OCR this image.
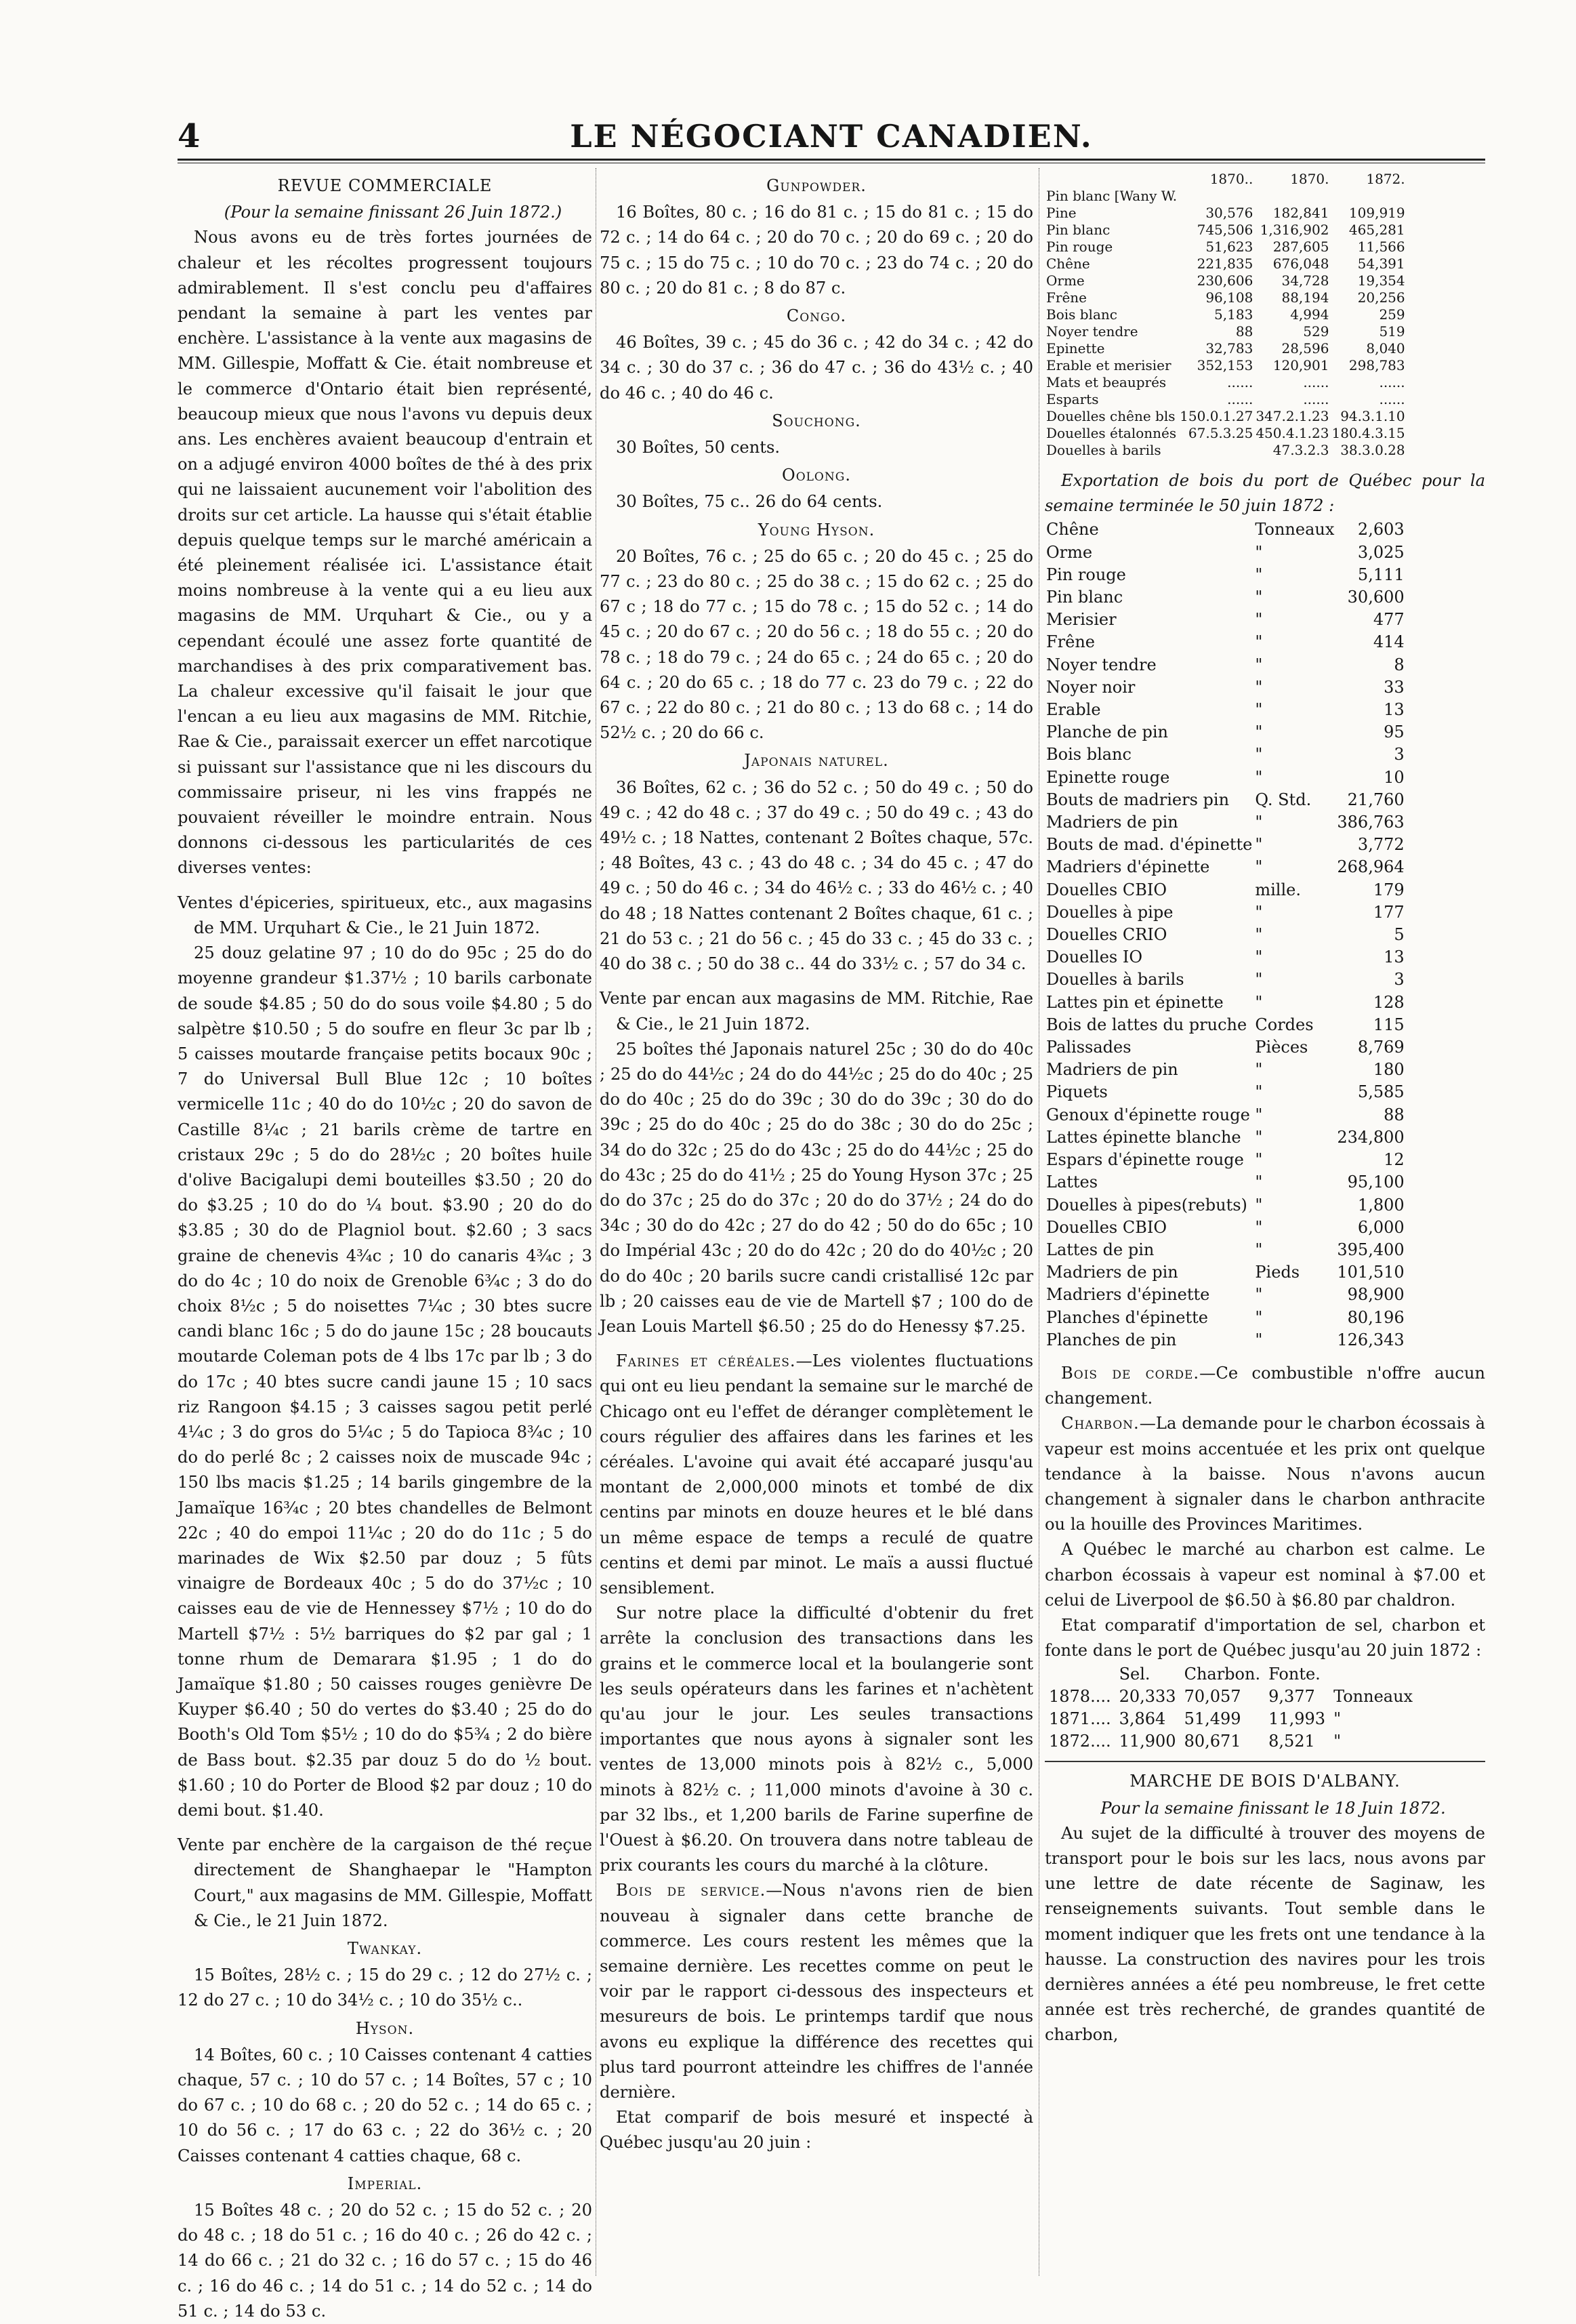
4	LE NÉGOCIANT CANADIEN.
REVUE COMMERCIALE

(Pour la semaine finissant 26 Juin 1872.)

Nous avons eu de très fortes journées de chaleur et les récoltes progressent toujours admirablement. Il s'est conclu peu d'affaires pendant la semaine à part les ventes par enchère. L'assistance à la vente aux magasins de MM. Gillespie, Moffatt & Cie. était nombreuse et le commerce d'Ontario était bien représenté, beaucoup mieux que nous l'avons vu depuis deux ans. Les enchères avaient beaucoup d'entrain et on a adjugé environ 4000 boîtes de thé à des prix qui ne laissaient aucunement voir l'abolition des droits sur cet article. La hausse qui s'était établie depuis quelque temps sur le marché américain a été pleinement réalisée ici. L'assistance était moins nombreuse à la vente qui a eu lieu aux magasins de MM. Urquhart & Cie., ou y a cependant écoulé une assez forte quantité de marchandises à des prix comparativement bas. La chaleur excessive qu'il faisait le jour que l'encan a eu lieu aux magasins de MM. Ritchie, Rae & Cie., paraissait exercer un effet narcotique si puissant sur l'assistance que ni les discours du commissaire priseur, ni les vins frappés ne pouvaient réveiller le moindre entrain. Nous donnons ci-dessous les particularités de ces diverses ventes:

Ventes d'épiceries, spiritueux, etc., aux magasins de MM. Urquhart & Cie., le 21 Juin 1872.

25 douz gelatine 97 ; 10 do do 95c ; 25 do do moyenne grandeur $1.37½ ; 10 barils carbonate de soude $4.85 ; 50 do do sous voile $4.80 ; 5 do salpètre $10.50 ; 5 do soufre en fleur 3c par lb ; 5 caisses moutarde française petits bocaux 90c ; 7 do Universal Bull Blue 12c ; 10 boîtes vermicelle 11c ; 40 do do 10½c ; 20 do savon de Castille 8¼c ; 21 barils crème de tartre en cristaux 29c ; 5 do do 28½c ; 20 boîtes huile d'olive Bacigalupi demi bouteilles $3.50 ; 20 do do $3.25 ; 10 do do ¼ bout. $3.90 ; 20 do do $3.85 ; 30 do de Plagniol bout. $2.60 ; 3 sacs graine de chenevis 4¾c ; 10 do canaris 4¾c ; 3 do do 4c ; 10 do noix de Grenoble 6¾c ; 3 do do choix 8½c ; 5 do noisettes 7¼c ; 30 btes sucre candi blanc 16c ; 5 do do jaune 15c ; 28 boucauts moutarde Coleman pots de 4 lbs 17c par lb ; 3 do do 17c ; 40 btes sucre candi jaune 15 ; 10 sacs riz Rangoon $4.15 ; 3 caisses sagou petit perlé 4¼c ; 3 do gros do 5¼c ; 5 do Tapioca 8¾c ; 10 do do perlé 8c ; 2 caisses noix de muscade 94c ; 150 lbs macis $1.25 ; 14 barils gingembre de la Jamaïque 16¾c ; 20 btes chandelles de Belmont 22c ; 40 do empoi 11¼c ; 20 do do 11c ; 5 do marinades de Wix $2.50 par douz ; 5 fûts vinaigre de Bordeaux 40c ; 5 do do 37½c ; 10 caisses eau de vie de Hennessey $7½ ; 10 do do Martell $7½ : 5½ barriques do $2 par gal ; 1 tonne rhum de Demarara $1.95 ; 1 do do Jamaïque $1.80 ; 50 caisses rouges genièvre De Kuyper $6.40 ; 50 do vertes do $3.40 ; 25 do do Booth's Old Tom $5½ ; 10 do do $5¾ ; 2 do bière de Bass bout. $2.35 par douz 5 do do ½ bout. $1.60 ; 10 do Porter de Blood $2 par douz ; 10 do demi bout. $1.40.

Vente par enchère de la cargaison de thé reçue directement de Shanghaepar le "Hampton Court," aux magasins de MM. Gillespie, Moffatt & Cie., le 21 Juin 1872.

Twankay.

15 Boîtes, 28½ c. ; 15 do 29 c. ; 12 do 27½ c. ; 12 do 27 c. ; 10 do 34½ c. ; 10 do 35½ c..

Hyson.

14 Boîtes, 60 c. ; 10 Caisses contenant 4 catties chaque, 57 c. ; 10 do 57 c. ; 14 Boîtes, 57 c ; 10 do 67 c. ; 10 do 68 c. ; 20 do 52 c. ; 14 do 65 c. ; 10 do 56 c. ; 17 do 63 c. ; 22 do 36½ c. ; 20 Caisses contenant 4 catties chaque, 68 c.

Imperial.

15 Boîtes 48 c. ; 20 do 52 c. ; 15 do 52 c. ; 20 do 48 c. ; 18 do 51 c. ; 16 do 40 c. ; 26 do 42 c. ; 14 do 66 c. ; 21 do 32 c. ; 16 do 57 c. ; 15 do 46 c. ; 16 do 46 c. ; 14 do 51 c. ; 14 do 52 c. ; 14 do 51 c. ; 14 do 53 c.

Gunpowder.

16 Boîtes, 80 c. ; 16 do 81 c. ; 15 do 81 c. ; 15 do 72 c. ; 14 do 64 c. ; 20 do 70 c. ; 20 do 69 c. ; 20 do 75 c. ; 15 do 75 c. ; 10 do 70 c. ; 23 do 74 c. ; 20 do 80 c. ; 20 do 81 c. ; 8 do 87 c.

Congo.

46 Boîtes, 39 c. ; 45 do 36 c. ; 42 do 34 c. ; 42 do 34 c. ; 30 do 37 c. ; 36 do 47 c. ; 36 do 43½ c. ; 40 do 46 c. ; 40 do 46 c.

Souchong.

30 Boîtes, 50 cents.

Oolong.

30 Boîtes, 75 c.. 26 do 64 cents.

Young Hyson.

20 Boîtes, 76 c. ; 25 do 65 c. ; 20 do 45 c. ; 25 do 77 c. ; 23 do 80 c. ; 25 do 38 c. ; 15 do 62 c. ; 25 do 67 c ; 18 do 77 c. ; 15 do 78 c. ; 15 do 52 c. ; 14 do 45 c. ; 20 do 67 c. ; 20 do 56 c. ; 18 do 55 c. ; 20 do 78 c. ; 18 do 79 c. ; 24 do 65 c. ; 24 do 65 c. ; 20 do 64 c. ; 20 do 65 c. ; 18 do 77 c. 23 do 79 c. ; 22 do 67 c. ; 22 do 80 c. ; 21 do 80 c. ; 13 do 68 c. ; 14 do 52½ c. ; 20 do 66 c.

Japonais naturel.

36 Boîtes, 62 c. ; 36 do 52 c. ; 50 do 49 c. ; 50 do 49 c. ; 42 do 48 c. ; 37 do 49 c. ; 50 do 49 c. ; 43 do 49½ c. ; 18 Nattes, contenant 2 Boîtes chaque, 57c. ; 48 Boîtes, 43 c. ; 43 do 48 c. ; 34 do 45 c. ; 47 do 49 c. ; 50 do 46 c. ; 34 do 46½ c. ; 33 do 46½ c. ; 40 do 48 ; 18 Nattes contenant 2 Boîtes chaque, 61 c. ; 21 do 53 c. ; 21 do 56 c. ; 45 do 33 c. ; 45 do 33 c. ; 40 do 38 c. ; 50 do 38 c.. 44 do 33½ c. ; 57 do 34 c.

Vente par encan aux magasins de MM. Ritchie, Rae & Cie., le 21 Juin 1872.

25 boîtes thé Japonais naturel 25c ; 30 do do 40c ; 25 do do 44½c ; 24 do do 44½c ; 25 do do 40c ; 25 do do 40c ; 25 do do 39c ; 30 do do 39c ; 30 do do 39c ; 25 do do 40c ; 25 do do 38c ; 30 do do 25c ; 34 do do 32c ; 25 do do 43c ; 25 do do 44½c ; 25 do do 43c ; 25 do do 41½ ; 25 do Young Hyson 37c ; 25 do do 37c ; 25 do do 37c ; 20 do do 37½ ; 24 do do 34c ; 30 do do 42c ; 27 do do 42 ; 50 do do 65c ; 10 do Impérial 43c ; 20 do do 42c ; 20 do do 40½c ; 20 do do 40c ; 20 barils sucre candi cristallisé 12c par lb ; 20 caisses eau de vie de Martell $7 ; 100 do de Jean Louis Martell $6.50 ; 25 do do Henessy $7.25.

Farines et céréales.—Les violentes fluctuations qui ont eu lieu pendant la semaine sur le marché de Chicago ont eu l'effet de déranger complètement le cours régulier des affaires dans les farines et les céréales. L'avoine qui avait été accaparé jusqu'au montant de 2,000,000 minots et tombé de dix centins par minots en douze heures et le blé dans un même espace de temps a reculé de quatre centins et demi par minot. Le maïs a aussi fluctué sensiblement.

Sur notre place la difficulté d'obtenir du fret arrête la conclusion des transactions dans les grains et le commerce local et la boulangerie sont les seuls opérateurs dans les farines et n'achètent qu'au jour le jour. Les seules transactions importantes que nous ayons à signaler sont les ventes de 13,000 minots pois à 82½ c., 5,000 minots à 82½ c. ; 11,000 minots d'avoine à 30 c. par 32 lbs., et 1,200 barils de Farine superfine de l'Ouest à $6.20. On trouvera dans notre tableau de prix courants les cours du marché à la clôture.

Bois de service.—Nous n'avons rien de bien nouveau à signaler dans cette branche de commerce. Les cours restent les mêmes que la semaine dernière. Les recettes comme on peut le voir par le rapport ci-dessous des inspecteurs et mesureurs de bois. Le printemps tardif que nous avons eu explique la différence des recettes qui plus tard pourront atteindre les chiffres de l'année dernière.

Etat comparif de bois mesuré et inspecté à Québec jusqu'au 20 juin :

	1870..	1870.	1872.
Pin blanc [Wany W.			
Pine	30,576	182,841	109,919
Pin blanc	745,506	1,316,902	465,281
Pin rouge	51,623	287,605	11,566
Chêne	221,835	676,048	54,391
Orme	230,606	34,728	19,354
Frêne	96,108	88,194	20,256
Bois blanc	5,183	4,994	259
Noyer tendre	88	529	519
Epinette	32,783	28,596	8,040
Erable et merisier	352,153	120,901	298,783
Mats et beauprés	......	......	......
Esparts	......	......	......
Douelles chêne bls	150.0.1.27	347.2.1.23	94.3.1.10
Douelles étalonnés	67.5.3.25	450.4.1.23	180.4.3.15
Douelles à barils		47.3.2.3	38.3.0.28

Exportation de bois du port de Québec pour la semaine terminée le 50 juin 1872 :

Chêne	Tonneaux	2,603
Orme	"	3,025
Pin rouge	"	5,111
Pin blanc	"	30,600
Merisier	"	477
Frêne	"	414
Noyer tendre	"	8
Noyer noir	"	33
Erable	"	13
Planche de pin	"	95
Bois blanc	"	3
Epinette rouge	"	10
Bouts de madriers pin	Q. Std.	21,760
Madriers de pin	"	386,763
Bouts de mad. d'épinette	"	3,772
Madriers d'épinette	"	268,964
Douelles CBIO	mille.	179
Douelles à pipe	"	177
Douelles CRIO	"	5
Douelles IO	"	13
Douelles à barils	"	3
Lattes pin et épinette	"	128
Bois de lattes du pruche	Cordes	115
Palissades	Pièces	8,769
Madriers de pin	"	180
Piquets	"	5,585
Genoux d'épinette rouge	"	88
Lattes épinette blanche	"	234,800
Espars d'épinette rouge	"	12
Lattes	"	95,100
Douelles à pipes(rebuts)	"	1,800
Douelles CBIO	"	6,000
Lattes de pin	"	395,400
Madriers de pin	Pieds	101,510
Madriers d'épinette	"	98,900
Planches d'épinette	"	80,196
Planches de pin	"	126,343

Bois de corde.—Ce combustible n'offre aucun changement.

Charbon.—La demande pour le charbon écossais à vapeur est moins accentuée et les prix ont quelque tendance à la baisse. Nous n'avons aucun changement à signaler dans le charbon anthracite ou la houille des Provinces Maritimes.

A Québec le marché au charbon est calme. Le charbon écossais à vapeur est nominal à $7.00 et celui de Liverpool de $6.50 à $6.80 par chaldron.

Etat comparatif d'importation de sel, charbon et fonte dans le port de Québec jusqu'au 20 juin 1872 :

	Sel.	Charbon.	Fonte.	
1878....	20,333	70,057	9,377	Tonneaux
1871....	3,864	51,499	11,993	"
1872....	11,900	80,671	8,521	"
MARCHE DE BOIS D'ALBANY.

Pour la semaine finissant le 18 Juin 1872.

Au sujet de la difficulté à trouver des moyens de transport pour le bois sur les lacs, nous avons par une lettre de date récente de Saginaw, les renseignements suivants. Tout semble dans le moment indiquer que les frets ont une tendance à la hausse. La construction des navires pour les trois dernières années a été peu nombreuse, le fret cette année est très recherché, de grandes quantité de charbon,
